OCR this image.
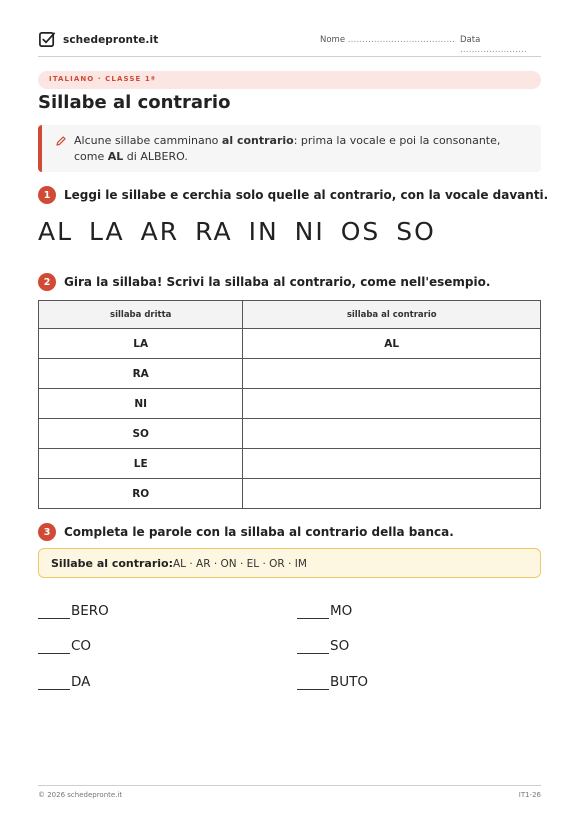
schedepronte.it	Nome ..................................... Data .......................
ITALIANO · CLASSE 1ª
Sillabe al contrario
Alcune sillabe camminano al contrario: prima la vocale e poi la consonante, come AL di ALBERO.
1	Leggi le sillabe e cerchia solo quelle al contrario, con la vocale davanti.
AL LA AR RA IN NI OS SO
2	Gira la sillaba! Scrivi la sillaba al contrario, come nell'esempio.
sillaba dritta	sillaba al contrario
LA	AL
RA	
NI	
SO	
LE	
RO	
3	Completa le parole con la sillaba al contrario della banca.
Sillabe al contrario: AL · AR · ON · EL · OR · IM
BERO	MO
CO	SO
DA	BUTO
© 2026 schedepronte.it	IT1-26
